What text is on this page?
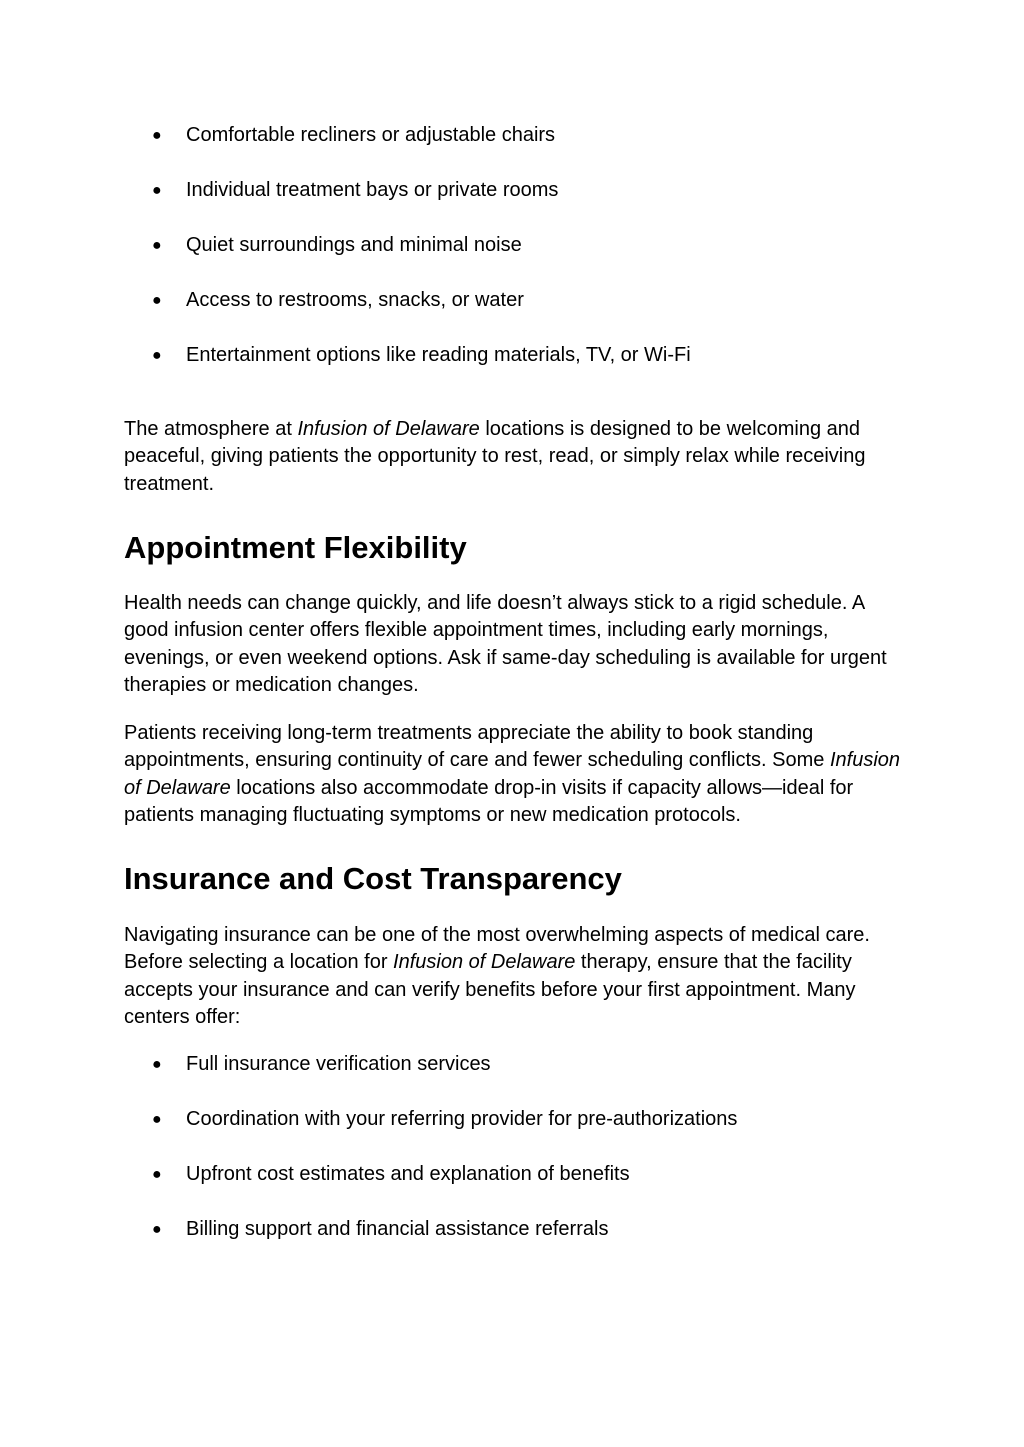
●	Comfortable recliners or adjustable chairs
●	Individual treatment bays or private rooms
●	Quiet surroundings and minimal noise
●	Access to restrooms, snacks, or water
●	Entertainment options like reading materials, TV, or Wi-Fi

The atmosphere at Infusion of Delaware locations is designed to be welcoming and peaceful, giving patients the opportunity to rest, read, or simply relax while receiving treatment.

Appointment Flexibility

Health needs can change quickly, and life doesn’t always stick to a rigid schedule. A good infusion center offers flexible appointment times, including early mornings, evenings, or even weekend options. Ask if same-day scheduling is available for urgent therapies or medication changes.

Patients receiving long-term treatments appreciate the ability to book standing appointments, ensuring continuity of care and fewer scheduling conflicts. Some Infusion of Delaware locations also accommodate drop-in visits if capacity allows—ideal for patients managing fluctuating symptoms or new medication protocols.

Insurance and Cost Transparency

Navigating insurance can be one of the most overwhelming aspects of medical care. Before selecting a location for Infusion of Delaware therapy, ensure that the facility accepts your insurance and can verify benefits before your first appointment. Many centers offer:

●	Full insurance verification services
●	Coordination with your referring provider for pre-authorizations
●	Upfront cost estimates and explanation of benefits
●	Billing support and financial assistance referrals
